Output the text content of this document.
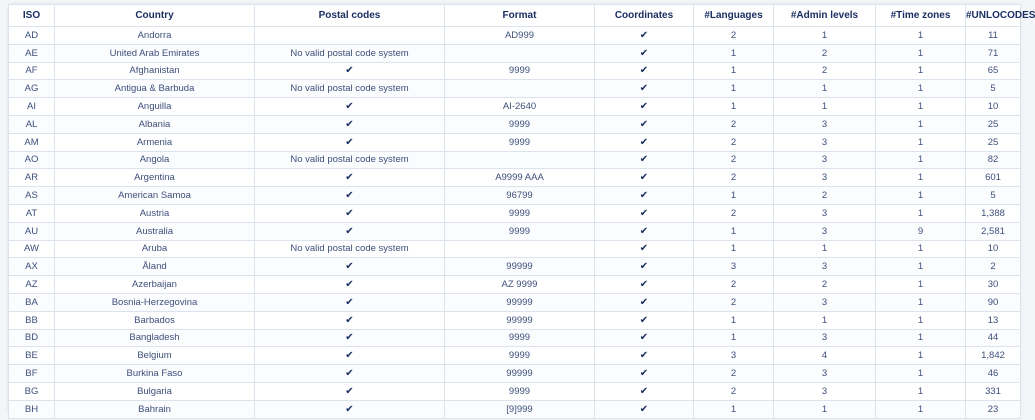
ISO	Country	Postal codes	Format	Coordinates	#Languages	#Admin levels	#Time zones	#UNLOCODES
AD	Andorra		AD999	✔	2	1	1	11
AE	United Arab Emirates	No valid postal code system		✔	1	2	1	71
AF	Afghanistan	✔	9999	✔	1	2	1	65
AG	Antigua & Barbuda	No valid postal code system		✔	1	1	1	5
AI	Anguilla	✔	AI-2640	✔	1	1	1	10
AL	Albania	✔	9999	✔	2	3	1	25
AM	Armenia	✔	9999	✔	2	3	1	25
AO	Angola	No valid postal code system		✔	2	3	1	82
AR	Argentina	✔	A9999 AAA	✔	2	3	1	601
AS	American Samoa	✔	96799	✔	1	2	1	5
AT	Austria	✔	9999	✔	2	3	1	1,388
AU	Australia	✔	9999	✔	1	3	9	2,581
AW	Aruba	No valid postal code system		✔	1	1	1	10
AX	Åland	✔	99999	✔	3	3	1	2
AZ	Azerbaijan	✔	AZ 9999	✔	2	2	1	30
BA	Bosnia-Herzegovina	✔	99999	✔	2	3	1	90
BB	Barbados	✔	99999	✔	1	1	1	13
BD	Bangladesh	✔	9999	✔	1	3	1	44
BE	Belgium	✔	9999	✔	3	4	1	1,842
BF	Burkina Faso	✔	99999	✔	2	3	1	46
BG	Bulgaria	✔	9999	✔	2	3	1	331
BH	Bahrain	✔	[9]999	✔	1	1	1	23
